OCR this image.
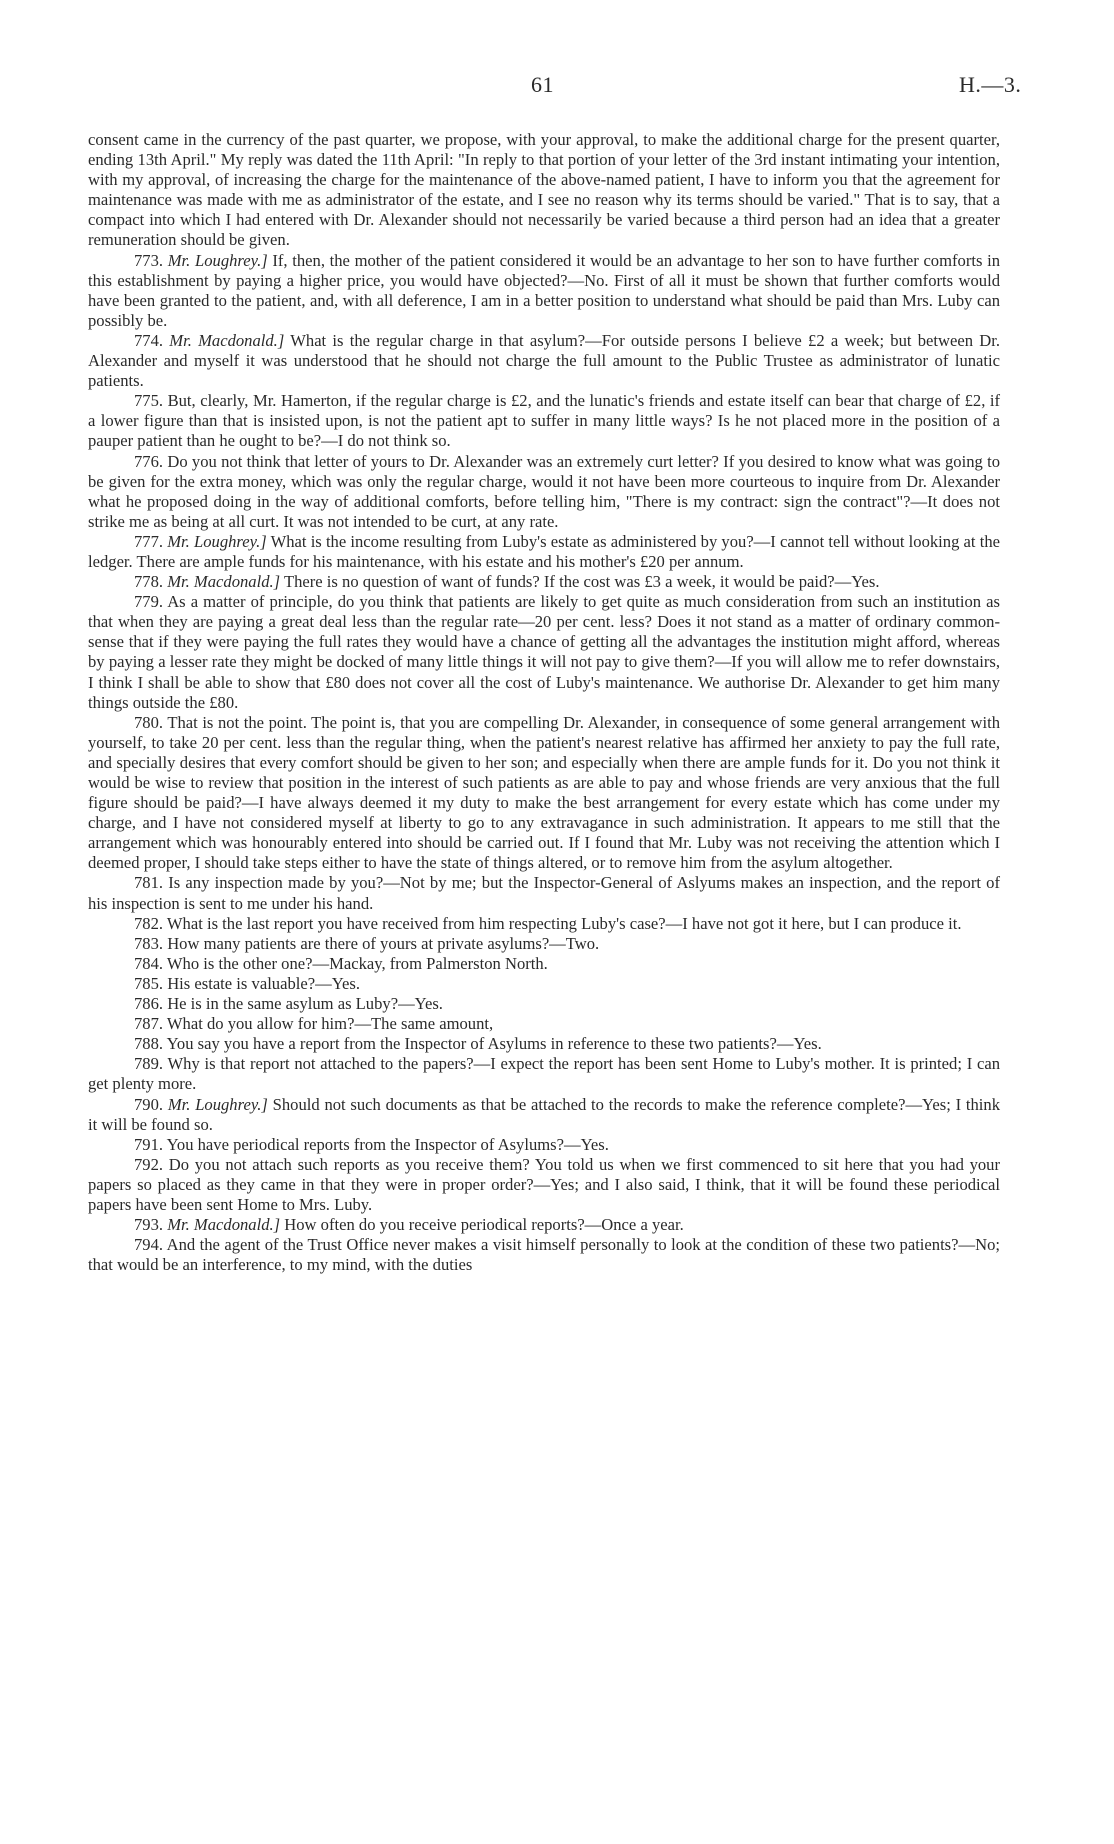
61	H.—3.

consent came in the currency of the past quarter, we propose, with your approval, to make the additional charge for the present quarter, ending 13th April." My reply was dated the 11th April: "In reply to that portion of your letter of the 3rd instant intimating your intention, with my approval, of increasing the charge for the maintenance of the above-named patient, I have to inform you that the agreement for maintenance was made with me as administrator of the estate, and I see no reason why its terms should be varied." That is to say, that a compact into which I had entered with Dr. Alexander should not necessarily be varied because a third person had an idea that a greater remuneration should be given.

773. Mr. Loughrey.] If, then, the mother of the patient considered it would be an advantage to her son to have further comforts in this establishment by paying a higher price, you would have objected?—No. First of all it must be shown that further comforts would have been granted to the patient, and, with all deference, I am in a better position to understand what should be paid than Mrs. Luby can possibly be.

774. Mr. Macdonald.] What is the regular charge in that asylum?—For outside persons I believe £2 a week; but between Dr. Alexander and myself it was understood that he should not charge the full amount to the Public Trustee as administrator of lunatic patients.

775. But, clearly, Mr. Hamerton, if the regular charge is £2, and the lunatic's friends and estate itself can bear that charge of £2, if a lower figure than that is insisted upon, is not the patient apt to suffer in many little ways? Is he not placed more in the position of a pauper patient than he ought to be?—I do not think so.

776. Do you not think that letter of yours to Dr. Alexander was an extremely curt letter? If you desired to know what was going to be given for the extra money, which was only the regular charge, would it not have been more courteous to inquire from Dr. Alexander what he proposed doing in the way of additional comforts, before telling him, "There is my contract: sign the contract"?—It does not strike me as being at all curt. It was not intended to be curt, at any rate.

777. Mr. Loughrey.] What is the income resulting from Luby's estate as administered by you?—I cannot tell without looking at the ledger. There are ample funds for his maintenance, with his estate and his mother's £20 per annum.

778. Mr. Macdonald.] There is no question of want of funds? If the cost was £3 a week, it would be paid?—Yes.

779. As a matter of principle, do you think that patients are likely to get quite as much consideration from such an institution as that when they are paying a great deal less than the regular rate—20 per cent. less? Does it not stand as a matter of ordinary common-sense that if they were paying the full rates they would have a chance of getting all the advantages the institution might afford, whereas by paying a lesser rate they might be docked of many little things it will not pay to give them?—If you will allow me to refer downstairs, I think I shall be able to show that £80 does not cover all the cost of Luby's maintenance. We authorise Dr. Alexander to get him many things outside the £80.

780. That is not the point. The point is, that you are compelling Dr. Alexander, in consequence of some general arrangement with yourself, to take 20 per cent. less than the regular thing, when the patient's nearest relative has affirmed her anxiety to pay the full rate, and specially desires that every comfort should be given to her son; and especially when there are ample funds for it. Do you not think it would be wise to review that position in the interest of such patients as are able to pay and whose friends are very anxious that the full figure should be paid?—I have always deemed it my duty to make the best arrangement for every estate which has come under my charge, and I have not considered myself at liberty to go to any extravagance in such administration. It appears to me still that the arrangement which was honourably entered into should be carried out. If I found that Mr. Luby was not receiving the attention which I deemed proper, I should take steps either to have the state of things altered, or to remove him from the asylum altogether.

781. Is any inspection made by you?—Not by me; but the Inspector-General of Aslyums makes an inspection, and the report of his inspection is sent to me under his hand.

782. What is the last report you have received from him respecting Luby's case?—I have not got it here, but I can produce it.

783. How many patients are there of yours at private asylums?—Two.

784. Who is the other one?—Mackay, from Palmerston North.

785. His estate is valuable?—Yes.

786. He is in the same asylum as Luby?—Yes.

787. What do you allow for him?—The same amount,

788. You say you have a report from the Inspector of Asylums in reference to these two patients?—Yes.

789. Why is that report not attached to the papers?—I expect the report has been sent Home to Luby's mother. It is printed; I can get plenty more.

790. Mr. Loughrey.] Should not such documents as that be attached to the records to make the reference complete?—Yes; I think it will be found so.

791. You have periodical reports from the Inspector of Asylums?—Yes.

792. Do you not attach such reports as you receive them? You told us when we first commenced to sit here that you had your papers so placed as they came in that they were in proper order?—Yes; and I also said, I think, that it will be found these periodical papers have been sent Home to Mrs. Luby.

793. Mr. Macdonald.] How often do you receive periodical reports?—Once a year.

794. And the agent of the Trust Office never makes a visit himself personally to look at the condition of these two patients?—No; that would be an interference, to my mind, with the duties
